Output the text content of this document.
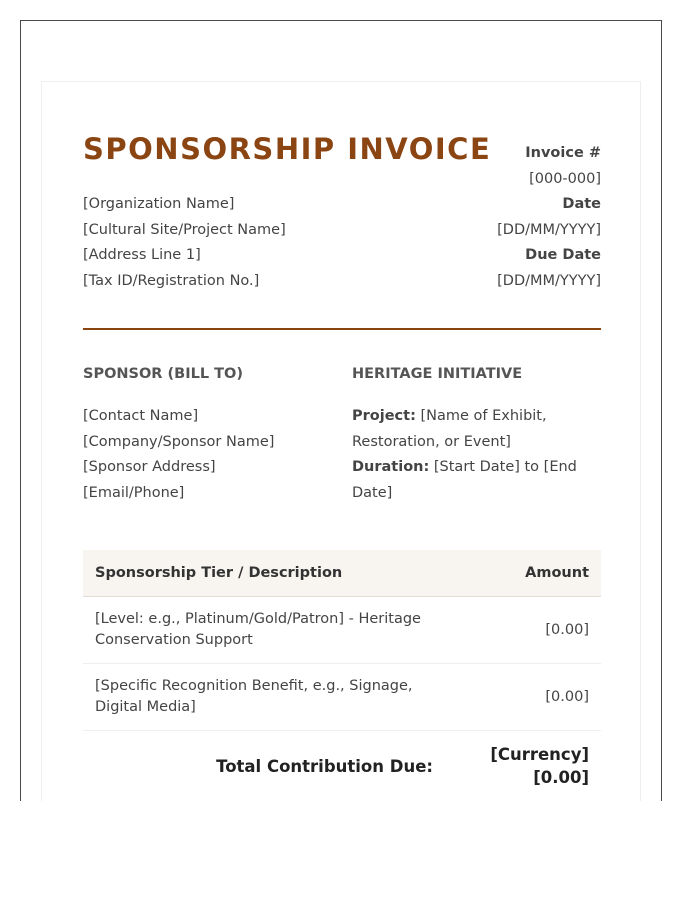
SPONSORSHIP INVOICE
[Organization Name]
[Cultural Site/Project Name]
[Address Line 1]
[Tax ID/Registration No.]
Invoice #
[000-000]
Date
[DD/MM/YYYY]
Due Date
[DD/MM/YYYY]
SPONSOR (BILL TO)	HERITAGE INITIATIVE
[Contact Name]
[Company/Sponsor Name]
[Sponsor Address]
[Email/Phone]
Project: [Name of Exhibit, Restoration, or Event]
Duration: [Start Date] to [End Date]
Sponsorship Tier / Description	Amount
[Level: e.g., Platinum/Gold/Patron] - Heritage Conservation Support
[0.00]
[Specific Recognition Benefit, e.g., Signage, Digital Media]
[0.00]
Total Contribution Due:
[Currency]
[0.00]
